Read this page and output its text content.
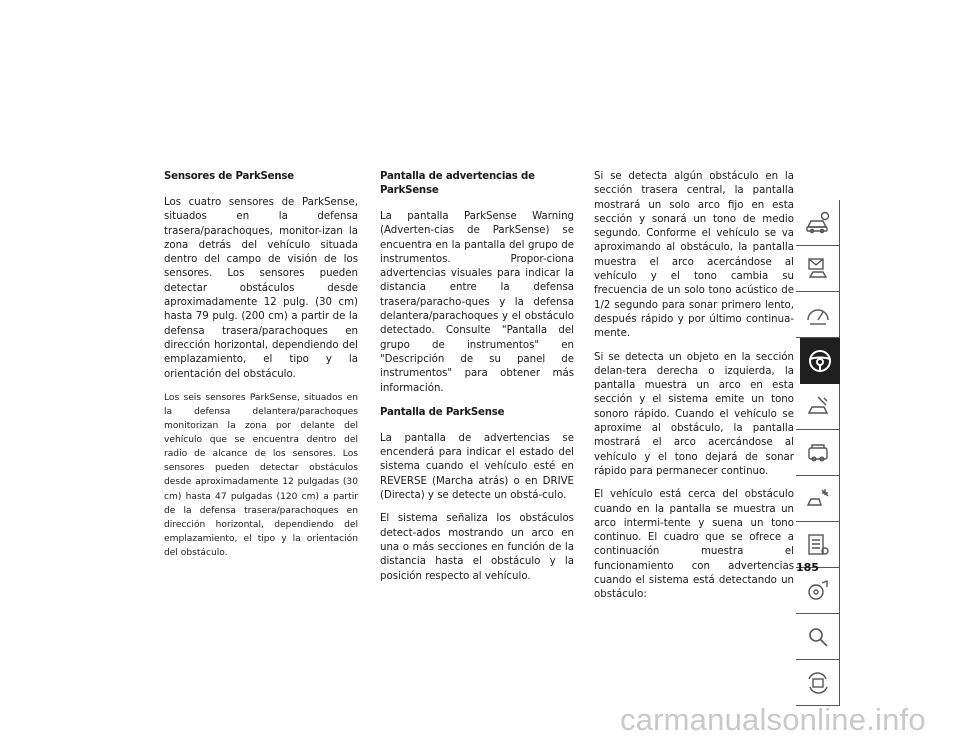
Sensores de ParkSense

Los cuatro sensores de ParkSense, situados en la defensa trasera/parachoques, monitor-izan la zona detrás del vehículo situada dentro del campo de visión de los sensores. Los sensores pueden detectar obstáculos desde aproximadamente 12 pulg. (30 cm) hasta 79 pulg. (200 cm) a partir de la defensa trasera/parachoques en dirección horizontal, dependiendo del emplazamiento, el tipo y la orientación del obstáculo.

Los seis sensores ParkSense, situados en la defensa delantera/parachoques monitorizan la zona por delante del vehículo que se encuentra dentro del radio de alcance de los sensores. Los sensores pueden detectar obstáculos desde aproximadamente 12 pulgadas (30 cm) hasta 47 pulgadas (120 cm) a partir de la defensa trasera/parachoques en dirección horizontal, dependiendo del emplazamiento, el tipo y la orientación del obstáculo.

Pantalla de advertencias de ParkSense

La pantalla ParkSense Warning (Adverten-cias de ParkSense) se encuentra en la pantalla del grupo de instrumentos. Propor-ciona advertencias visuales para indicar la distancia entre la defensa trasera/paracho-ques y la defensa delantera/parachoques y el obstáculo detectado. Consulte "Pantalla del grupo de instrumentos" en "Descripción de su panel de instrumentos" para obtener más información.

Pantalla de ParkSense

La pantalla de advertencias se encenderá para indicar el estado del sistema cuando el vehículo esté en REVERSE (Marcha atrás) o en DRIVE (Directa) y se detecte un obstá-culo.

El sistema señaliza los obstáculos detect-ados mostrando un arco en una o más secciones en función de la distancia hasta el obstáculo y la posición respecto al vehículo.

Si se detecta algún obstáculo en la sección trasera central, la pantalla mostrará un solo arco fijo en esta sección y sonará un tono de medio segundo. Conforme el vehículo se va aproximando al obstáculo, la pantalla muestra el arco acercándose al vehículo y el tono cambia su frecuencia de un solo tono acústico de 1/2 segundo para sonar primero lento, después rápido y por último continua-mente.

Si se detecta un objeto en la sección delan-tera derecha o izquierda, la pantalla muestra un arco en esta sección y el sistema emite un tono sonoro rápido. Cuando el vehículo se aproxime al obstáculo, la pantalla mostrará el arco acercándose al vehículo y el tono dejará de sonar rápido para permanecer continuo.

El vehículo está cerca del obstáculo cuando en la pantalla se muestra un arco intermi-tente y suena un tono continuo. El cuadro que se ofrece a continuación muestra el funcionamiento con advertencias cuando el sistema está detectando un obstáculo:

185
carmanualsonline.info
